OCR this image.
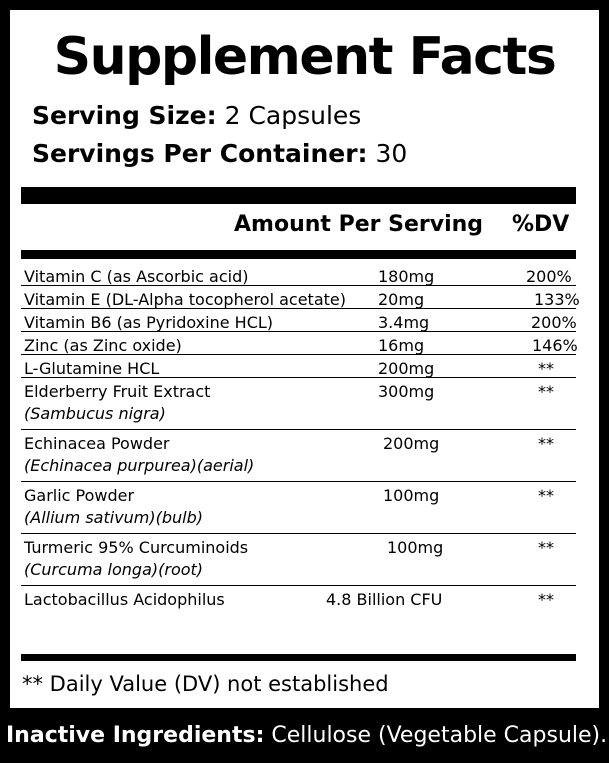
Supplement Facts
Serving Size: 2 Capsules
Servings Per Container: 30
Amount Per Serving %DV
Vitamin C (as Ascorbic acid)	180mg	200%
Vitamin E (DL-Alpha tocopherol acetate) 20mg	133%
Vitamin B6 (as Pyridoxine HCL)	3.4mg	200%
Zinc (as Zinc oxide)	16mg	146%
L-Glutamine HCL	200mg	**
Elderberry Fruit Extract
(Sambucus nigra)
300mg	**
Echinacea Powder
(Echinacea purpurea)(aerial)
200mg	**
Garlic Powder
(Allium sativum)(bulb)
100mg	**
Turmeric 95% Curcuminoids
(Curcuma longa)(root)
100mg	**
Lactobacillus Acidophilus	4.8 Billion CFU	**
** Daily Value (DV) not established
Inactive Ingredients: Cellulose (Vegetable Capsule).
